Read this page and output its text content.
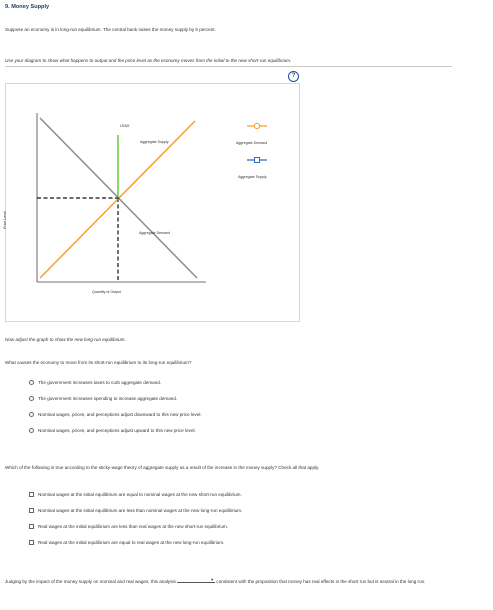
9. Money Supply
Suppose an economy is in long-run equilibrium. The central bank raises the money supply by 5 percent.
Use your diagram to show what happens to output and the price level as the economy moves from the initial to the new short-run equilibrium.
+
LRAS
Aggregate Supply
Aggregate Demand
Quantity of Output
Price Level
Aggregate Demand
Aggregate Supply
?
Now adjust the graph to show the new long-run equilibrium.
What causes the economy to move from its short-run equilibrium to its long-run equilibrium?
The government increases taxes to curb aggregate demand.
The government increases spending to increase aggregate demand.
Nominal wages, prices, and perceptions adjust downward to this new price level.
Nominal wages, prices, and perceptions adjust upward to this new price level.
Which of the following is true according to the sticky-wage theory of aggregate supply as a result of the increase in the money supply? Check all that apply.
Nominal wages at the initial equilibrium are equal to nominal wages at the new short-run equilibrium.
Nominal wages at the initial equilibrium are less than nominal wages at the new long-run equilibrium.
Real wages at the initial equilibrium are less than real wages at the new short-run equilibrium.
Real wages at the initial equilibrium are equal to real wages at the new long-run equilibrium.
Judging by the impact of the money supply on nominal and real wages, this analysis	▼ consistent with the proposition that money has real effects in the short run but is neutral in the long run.
